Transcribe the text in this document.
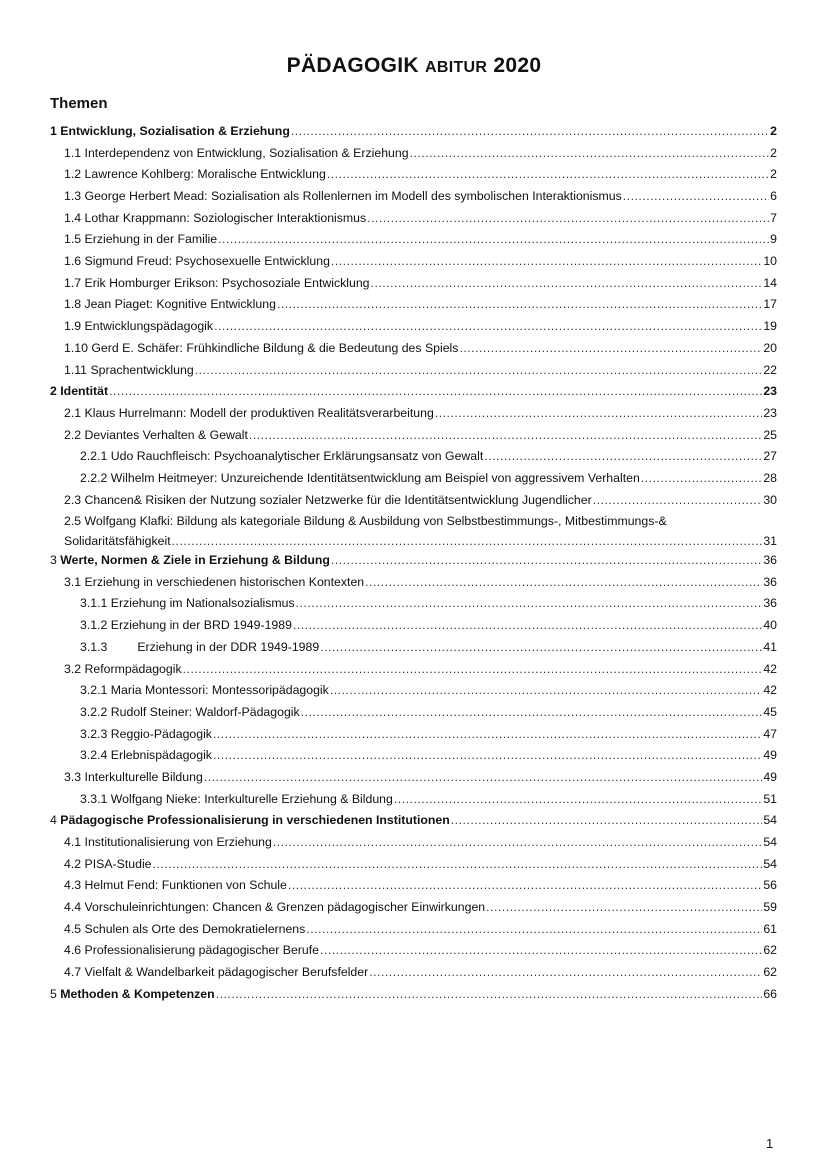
PÄDAGOGIK ABITUR 2020
Themen
1 Entwicklung, Sozialisation & Erziehung .....	2
1.1 Interdependenz von Entwicklung, Sozialisation & Erziehung .....	2
1.2 Lawrence Kohlberg: Moralische Entwicklung .....	2
1.3 George Herbert Mead: Sozialisation als Rollenlernen im Modell des symbolischen Interaktionismus .....	6
1.4 Lothar Krappmann: Soziologischer Interaktionismus .....	7
1.5 Erziehung in der Familie .....	9
1.6 Sigmund Freud: Psychosexuelle Entwicklung .....	10
1.7 Erik Homburger Erikson: Psychosoziale Entwicklung .....	14
1.8 Jean Piaget: Kognitive Entwicklung .....	17
1.9 Entwicklungspädagogik .....	19
1.10 Gerd E. Schäfer: Frühkindliche Bildung & die Bedeutung des Spiels .....	20
1.11 Sprachentwicklung .....	22
2 Identität .....	23
2.1 Klaus Hurrelmann: Modell der produktiven Realitätsverarbeitung .....	23
2.2 Deviantes Verhalten & Gewalt .....	25
2.2.1 Udo Rauchfleisch: Psychoanalytischer Erklärungsansatz von Gewalt .....	27
2.2.2 Wilhelm Heitmeyer: Unzureichende Identitätsentwicklung am Beispiel von aggressivem Verhalten .....	28
2.3 Chancen& Risiken der Nutzung sozialer Netzwerke für die Identitätsentwicklung Jugendlicher .....	30
2.5 Wolfgang Klafki: Bildung als kategoriale Bildung & Ausbildung von Selbstbestimmungs-, Mitbestimmungs-&
Solidaritätsfähigkeit .....	31
3 Werte, Normen & Ziele in Erziehung & Bildung .....	36
3.1 Erziehung in verschiedenen historischen Kontexten .....	36
3.1.1 Erziehung im Nationalsozialismus .....	36
3.1.2 Erziehung in der BRD 1949-1989 .....	40
3.1.3 Erziehung in der DDR 1949-1989 .....	41
3.2 Reformpädagogik .....	42
3.2.1 Maria Montessori: Montessoripädagogik .....	42
3.2.2 Rudolf Steiner: Waldorf-Pädagogik .....	45
3.2.3 Reggio-Pädagogik .....	47
3.2.4 Erlebnispädagogik .....	49
3.3 Interkulturelle Bildung .....	49
3.3.1 Wolfgang Nieke: Interkulturelle Erziehung & Bildung .....	51
4 Pädagogische Professionalisierung in verschiedenen Institutionen .....	54
4.1 Institutionalisierung von Erziehung .....	54
4.2 PISA-Studie .....	54
4.3 Helmut Fend: Funktionen von Schule .....	56
4.4 Vorschuleinrichtungen: Chancen & Grenzen pädagogischer Einwirkungen .....	59
4.5 Schulen als Orte des Demokratielernens .....	61
4.6 Professionalisierung pädagogischer Berufe .....	62
4.7 Vielfalt & Wandelbarkeit pädagogischer Berufsfelder .....	62
5 Methoden & Kompetenzen .....	66
1
